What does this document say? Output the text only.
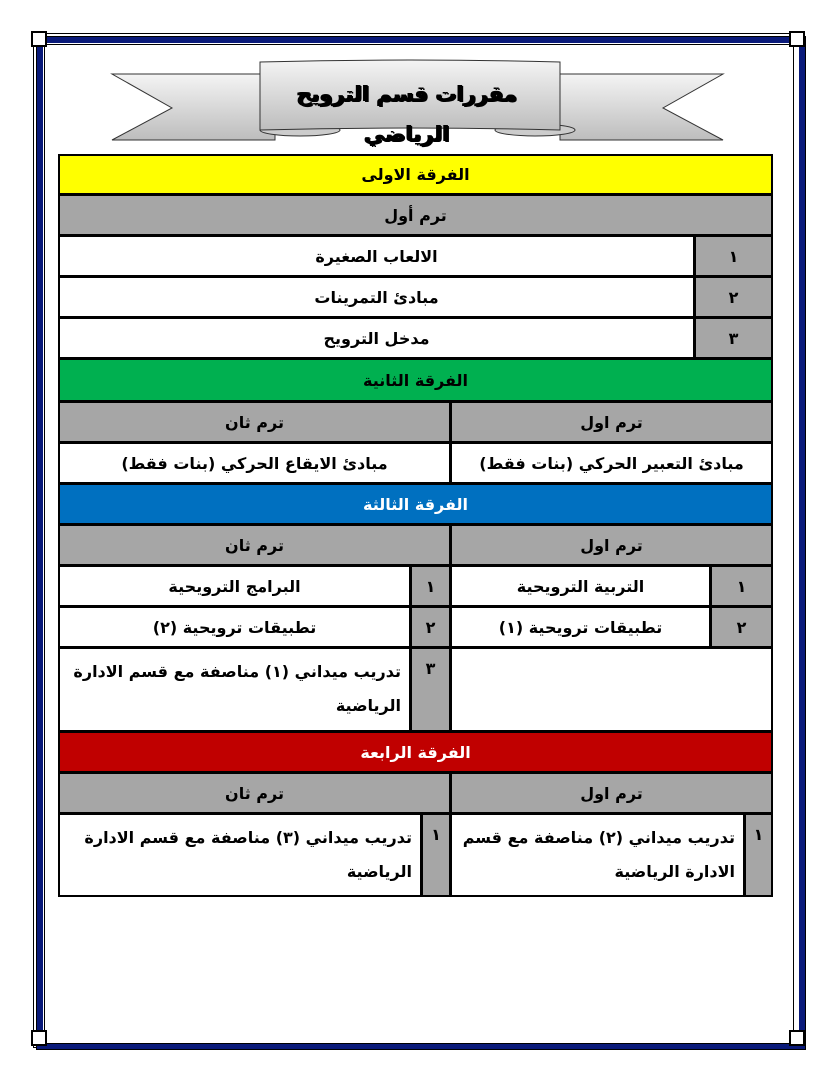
مقررات قسم الترويح الرياضي
الفرقة الاولى
ترم أول
١
الالعاب الصغيرة
٢
مبادئ التمرينات
٣
مدخل الترويح
الفرقة الثانية
ترم اول
ترم ثان
مبادئ التعبير الحركي (بنات فقط)
مبادئ الايقاع الحركي (بنات فقط)
الفرقة الثالثة
ترم اول
ترم ثان
١
التربية الترويحية
٢
تطبيقات ترويحية (١)
١
البرامج الترويحية
٢
تطبيقات ترويحية (٢)
٣
تدريب ميداني (١) مناصفة مع قسم الادارة الرياضية
الفرقة الرابعة
ترم اول
ترم ثان
١
تدريب ميداني (٢) مناصفة مع قسم الادارة الرياضية
١
تدريب ميداني (٣) مناصفة مع قسم الادارة الرياضية
